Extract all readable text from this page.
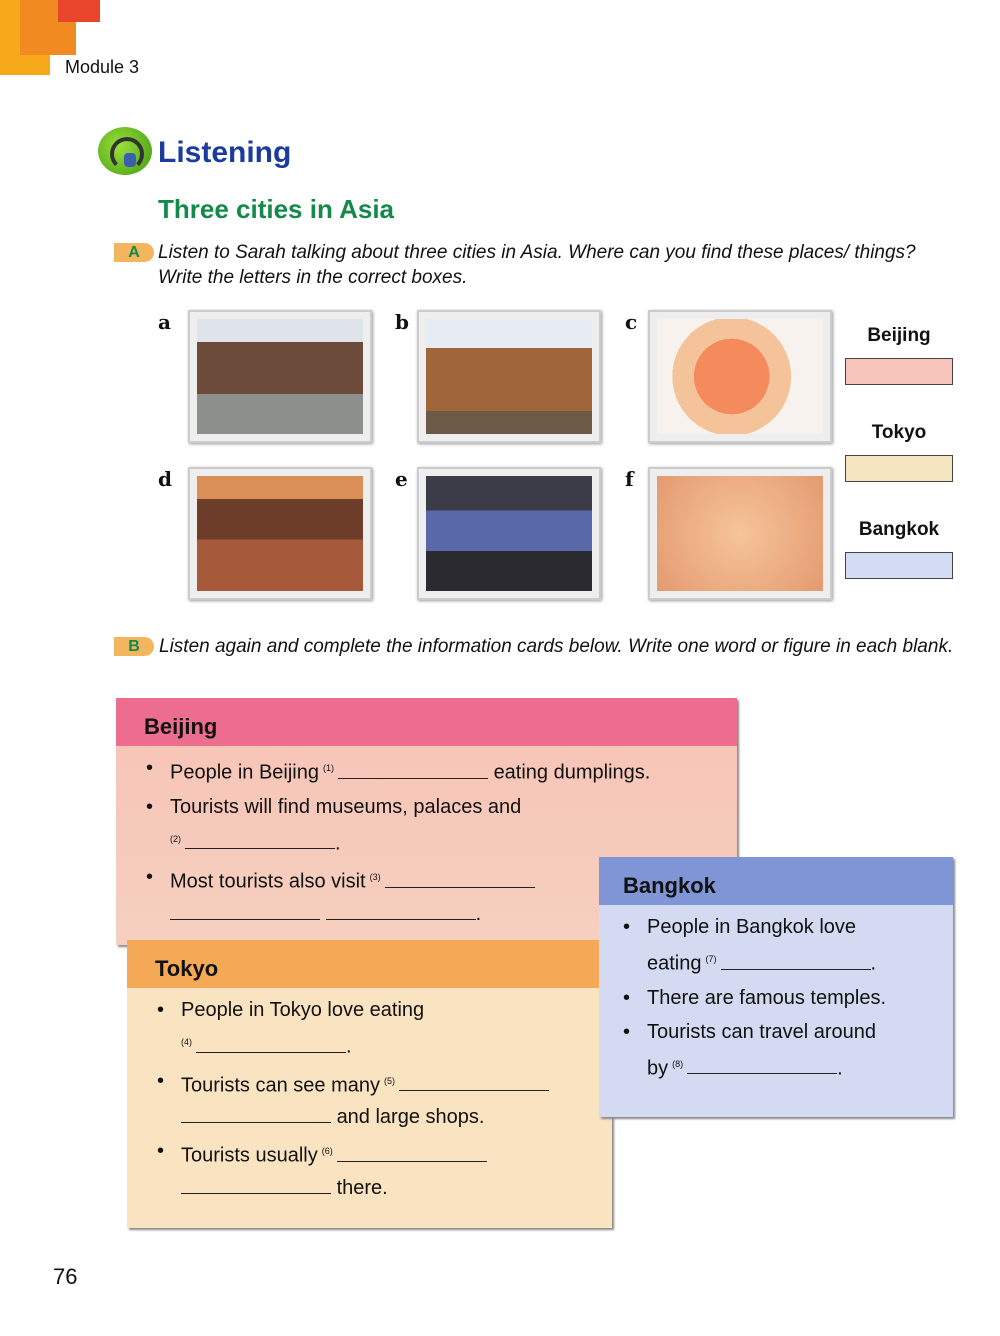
Module 3
Listening
Three cities in Asia
A Listen to Sarah talking about three cities in Asia. Where can you find these places/ things? Write the letters in the correct boxes.
a	b	c
d	e	f
Beijing
Tokyo
Bangkok
B	Listen again and complete the information cards below. Write one word or figure in each blank.
Beijing
• People in Beijing $^{(1)}$	eating dumplings.
• Tourists will find museums, palaces and
$^{(2)}$	.
• Most tourists also visit $^{(3)}$
.
Tokyo
• People in Tokyo love eating
$^{(4)}$	.
• Tourists can see many $^{(5)}$
and large shops.
• Tourists usually $^{(6)}$
there.
Bangkok
• People in Bangkok love
eating $^{(7)}$	.
• There are famous temples.
• Tourists can travel around
by $^{(8)}$	.
76
